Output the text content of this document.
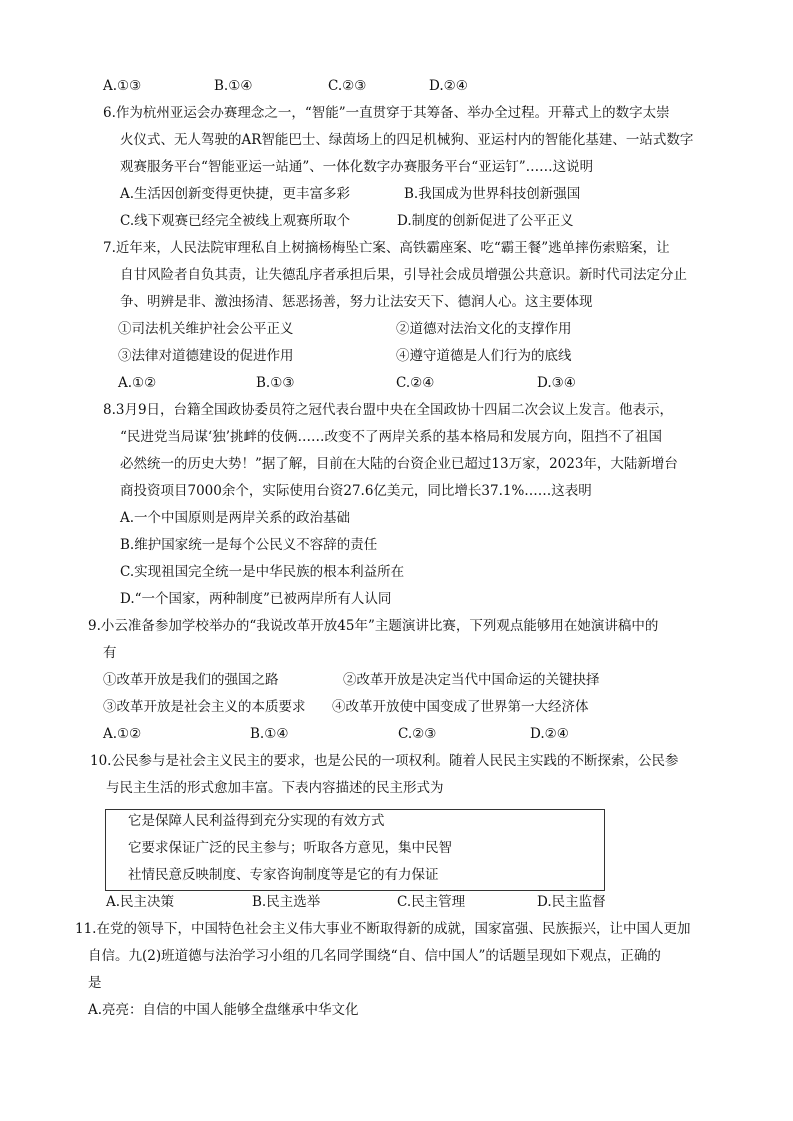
A.①③	B.①④	C.②③	D.②④
6.作为杭州亚运会办赛理念之一，“智能”一直贯穿于其筹备、举办全过程。开幕式上的数字太崇
火仪式、无人驾驶的AR智能巴士、绿茵场上的四足机械狗、亚运村内的智能化基建、一站式数字
观赛服务平台“智能亚运一站通”、一体化数字办赛服务平台“亚运钉”……这说明
A.生活因创新变得更快捷，更丰富多彩	B.我国成为世界科技创新强国
C.线下观赛已经完全被线上观赛所取个	D.制度的创新促进了公平正义
7.近年来，人民法院审理私自上树摘杨梅坠亡案、高铁霸座案、吃“霸王餐”逃单摔伤索赔案，让
自甘风险者自负其责，让失德乱序者承担后果，引导社会成员增强公共意识。新时代司法定分止
争、明辨是非、激浊扬清、惩恶扬善，努力让法安天下、德润人心。这主要体现
①司法机关维护社会公平正义	②道德对法治文化的支撑作用
③法律对道德建设的促进作用	④遵守道德是人们行为的底线
A.①②	B.①③	C.②④	D.③④
8.3月9日，台籍全国政协委员符之冠代表台盟中央在全国政协十四届二次会议上发言。他表示，
“民进党当局谋‘独’挑衅的伎俩……改变不了两岸关系的基本格局和发展方向，阻挡不了祖国
必然统一的历史大势！”据了解，目前在大陆的台资企业已超过13万家，2023年，大陆新增台
商投资项目7000余个，实际使用台资27.6亿美元，同比增长37.1%……这表明
A.一个中国原则是两岸关系的政治基础
B.维护国家统一是每个公民义不容辞的责任
C.实现祖国完全统一是中华民族的根本利益所在
D.“一个国家，两种制度”已被两岸所有人认同
9.小云准备参加学校举办的“我说改革开放45年”主题演讲比赛，下列观点能够用在她演讲稿中的
有
①改革开放是我们的强国之路	②改革开放是决定当代中国命运的关键抉择
③改革开放是社会主义的本质要求 ④改革开放使中国变成了世界第一大经济体
A.①②	B.①④	C.②③	D.②④
10.公民参与是社会主义民主的要求，也是公民的一项权利。随着人民民主实践的不断探索，公民参
与民主生活的形式愈加丰富。下表内容描述的民主形式为
它是保障人民利益得到充分实现的有效方式
它要求保证广泛的民主参与；听取各方意见，集中民智
社情民意反映制度、专家咨询制度等是它的有力保证
A.民主决策	B.民主选举	C.民主管理	D.民主监督
11.在党的领导下，中国特色社会主义伟大事业不断取得新的成就，国家富强、民族振兴，让中国人更加
自信。九(2)班道德与法治学习小组的几名同学围绕“自、信中国人”的话题呈现如下观点，正确的
是
A.亮亮：自信的中国人能够全盘继承中华文化
